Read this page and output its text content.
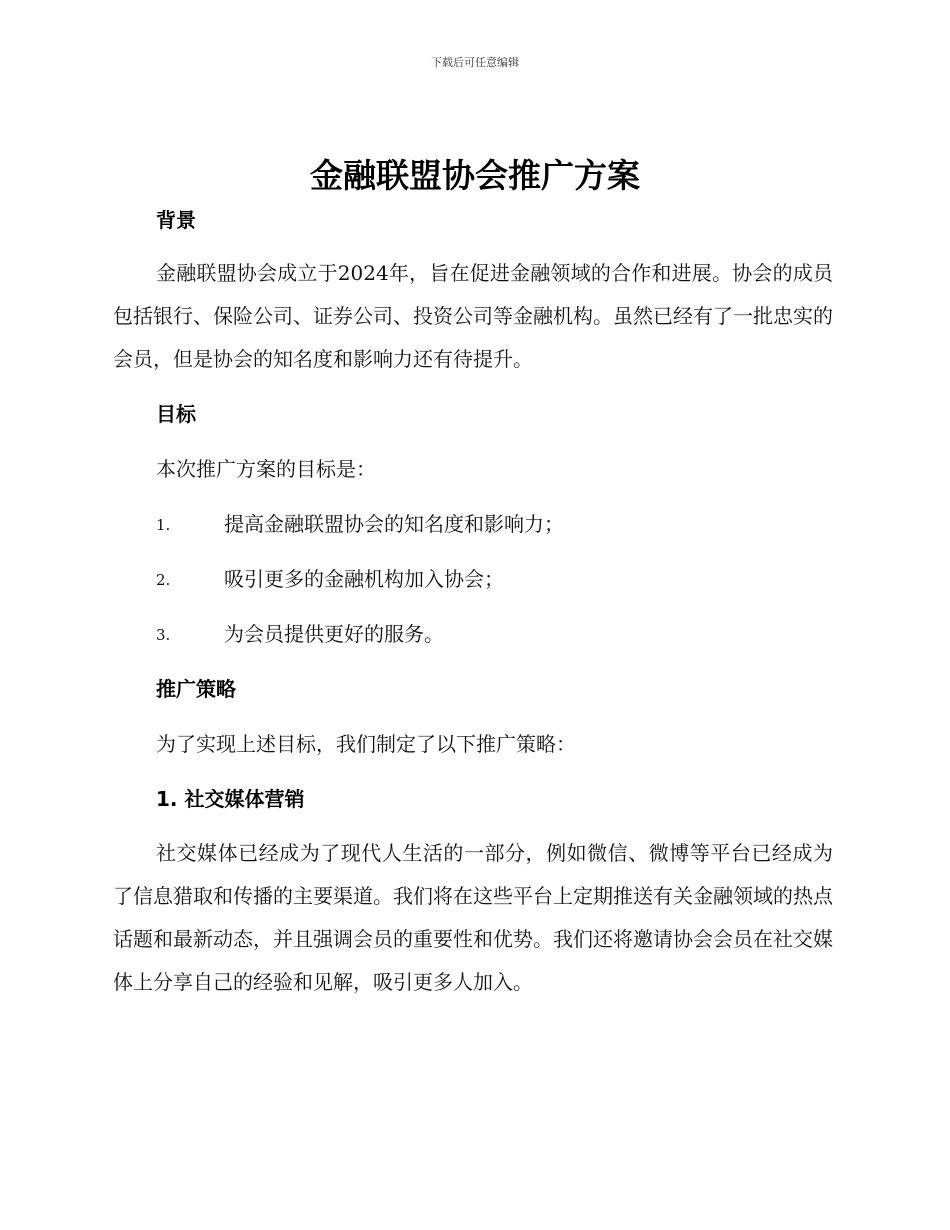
下载后可任意编辑
金融联盟协会推广方案
背景

金融联盟协会成立于2024年，旨在促进金融领域的合作和进展。协会的成员包括银行、保险公司、证券公司、投资公司等金融机构。虽然已经有了一批忠实的会员，但是协会的知名度和影响力还有待提升。

目标

本次推广方案的目标是：

1.	提高金融联盟协会的知名度和影响力；
2.	吸引更多的金融机构加入协会；
3.	为会员提供更好的服务。
推广策略

为了实现上述目标，我们制定了以下推广策略：

1. 社交媒体营销

社交媒体已经成为了现代人生活的一部分，例如微信、微博等平台已经成为了信息猎取和传播的主要渠道。我们将在这些平台上定期推送有关金融领域的热点话题和最新动态，并且强调会员的重要性和优势。我们还将邀请协会会员在社交媒体上分享自己的经验和见解，吸引更多人加入。
